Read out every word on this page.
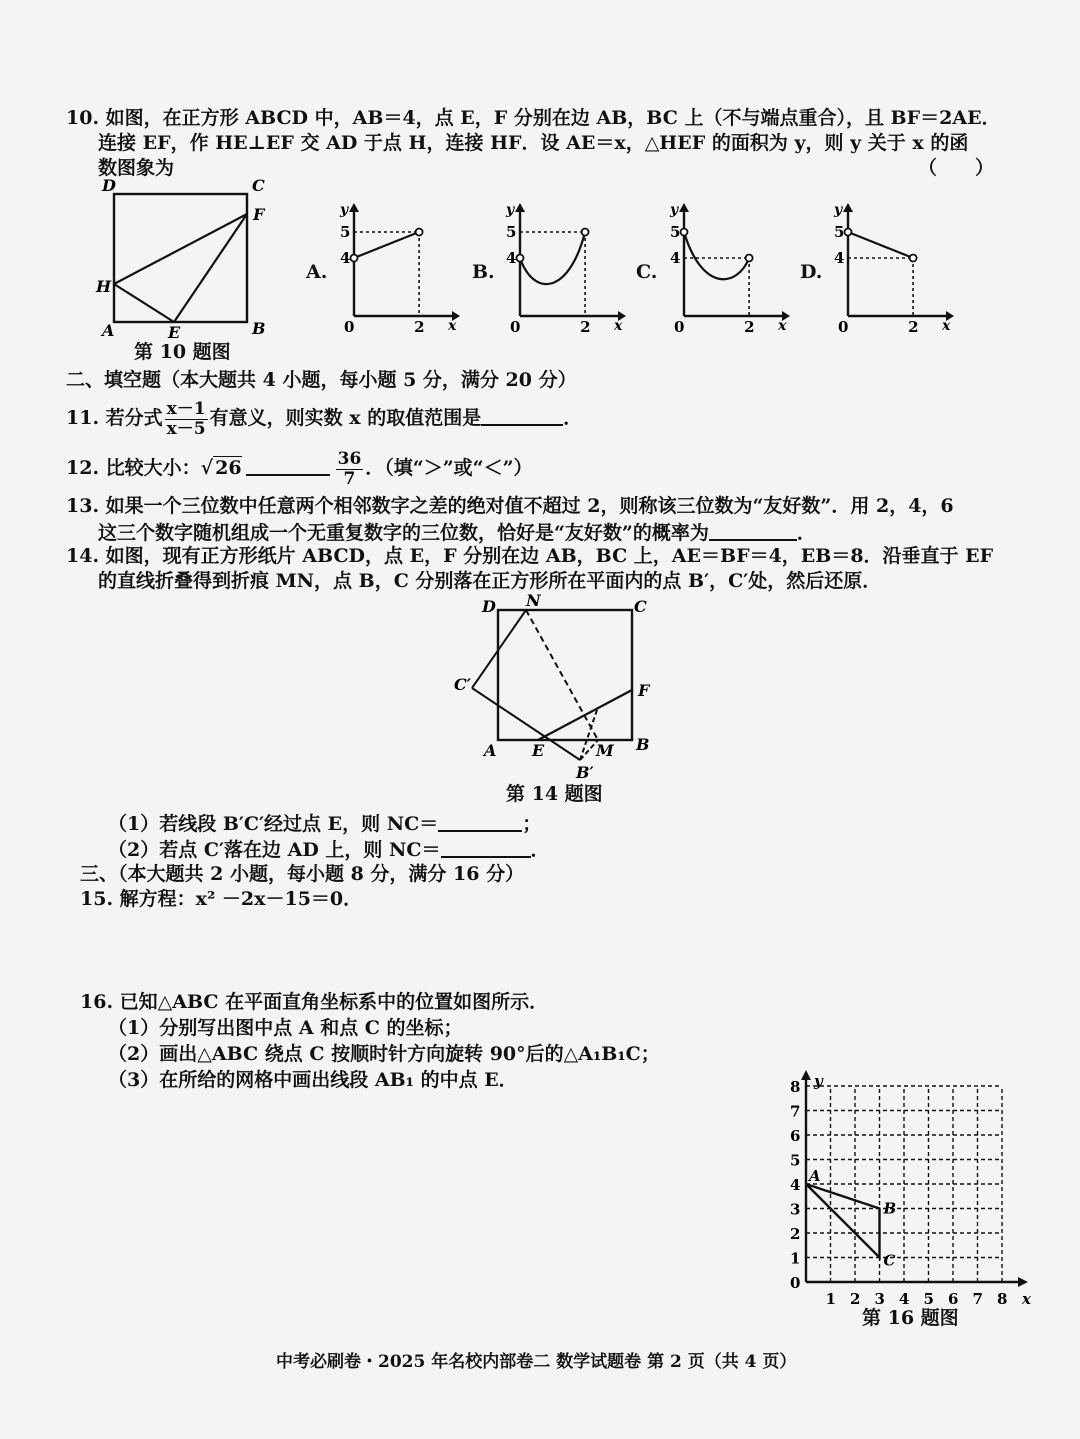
10. 如图，在正方形 ABCD 中，AB＝4，点 E，F 分别在边 AB，BC 上（不与端点重合），且 BF＝2AE．
连接 EF，作 HE⊥EF 交 AD 于点 H，连接 HF．设 AE＝x，△HEF 的面积为 y，则 y 关于 x 的函
数图象为	（　　）
D	C
F
H
A	E	B
第 10 题图
A.
y
x
0	2
5
4
B.
y
x
0	2
5
4
C.
y
x
0	2
5
4
D.
y
x
0	2
5
4
二、填空题（本大题共 4 小题，每小题 5 分，满分 20 分）
11. 若分式 $\frac{x-1}{x-5}$ 有意义，则实数 x 的取值范围是	．
12. 比较大小：√ 26	$\frac{36}{7}$ ．（填“＞”或“＜”）
13. 如果一个三位数中任意两个相邻数字之差的绝对值不超过 2，则称该三位数为“友好数”．用 2，4，6
这三个数字随机组成一个无重复数字的三位数，恰好是“友好数”的概率为	．
14. 如图，现有正方形纸片 ABCD，点 E，F 分别在边 AB，BC 上，AE＝BF＝4，EB＝8．沿垂直于 EF
的直线折叠得到折痕 MN，点 B，C 分别落在正方形所在平面内的点 B′，C′处，然后还原．
D N	C
C′	F
A E	M B
B′
第 14 题图
（1）若线段 B′C′经过点 E，则 NC＝	；
（2）若点 C′落在边 AD 上，则 NC＝	．
三、（本大题共 2 小题，每小题 8 分，满分 16 分）
15. 解方程：x² －2x－15＝0．
16. 已知△ABC 在平面直角坐标系中的位置如图所示．
（1）分别写出图中点 A 和点 C 的坐标；
（2）画出△ABC 绕点 C 按顺时针方向旋转 90°后的△A₁B₁C；
（3）在所给的网格中画出线段 AB₁ 的中点 E．	y
x
0
1 2 3 4 5 6 7 8
1
2
3
4
5
6
7
8
A
B
C
第 16 题图
中考必刷卷・2025 年名校内部卷二 数学试题卷 第 2 页（共 4 页）
